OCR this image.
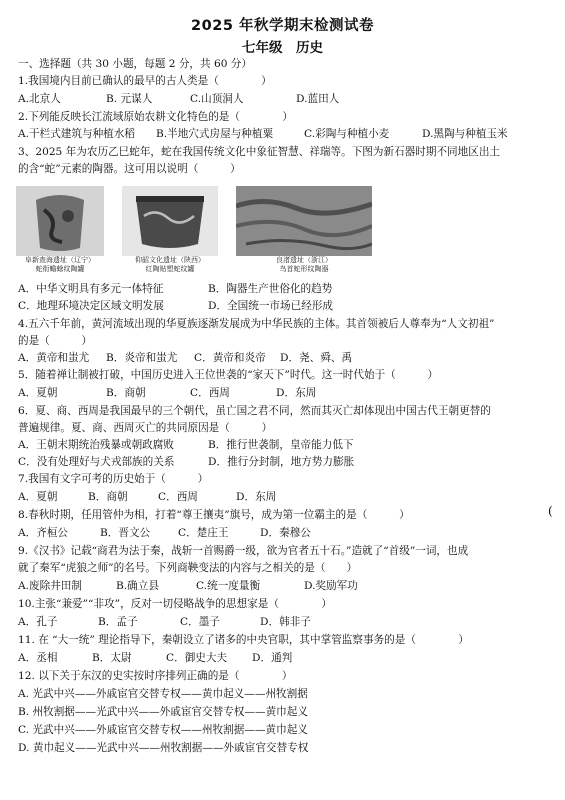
2025 年秋学期末检测试卷
七年级　历史
一、选择题（共 30 小题，每题 2 分，共 60 分）
1.我国境内目前已确认的最早的古人类是（　　　　）
A.北京人	B. 元谋人	C.山顶洞人	D.蓝田人
2.下列能反映长江流域原始农耕文化特色的是（　　　　）
A.干栏式建筑与种植水稻 B.半地穴式房屋与种植粟	C.彩陶与种植小麦	D.黑陶与种植玉米
3、2025 年为农历乙巳蛇年，蛇在我国传统文化中象征智慧、祥瑞等。下图为新石器时期不同地区出土
的含“蛇”元素的陶器。这可用以说明（　　　）
阜新查海遗址（辽宁）
蛇衔蟾蜍纹陶罐
仰韶文化遗址（陕西）
红陶贴塑蛇纹罐
良渚遗址（浙江）
鸟首蛇形纹陶器
A．中华文明具有多元一体特征	B．陶器生产世俗化的趋势
C．地理环境决定区域文明发展	D．全国统一市场已经形成
4.五六千年前，黄河流域出现的华夏族逐渐发展成为中华民族的主体。其首领被后人尊奉为“人文初祖”
的是（　　　）
A．黄帝和蚩尤 B．炎帝和蚩尤 C．黄帝和炎帝 D．尧、舜、禹
5．随着禅让制被打破，中国历史进入王位世袭的“家天下”时代。这一时代始于（　　　）
A．夏朝	B．商朝	C．西周	D．东周
6．夏、商、西周是我国最早的三个朝代，虽亡国之君不同，然而其灭亡却体现出中国古代王朝更替的
普遍规律。夏、商、西周灭亡的共同原因是（　　　）
A．王朝末期统治残暴或朝政腐败	B．推行世袭制，皇帝能力低下
C．没有处理好与犬戎部族的关系	D．推行分封制，地方势力膨胀
7.我国有文字可考的历史始于（　　　）
A．夏朝	B．商朝	C．西周	D．东周
8.春秋时期，任用管仲为相，打着“尊王攘夷”旗号，成为第一位霸主的是（　　　）	(
A．齐桓公	B．晋文公	C．楚庄王	D．秦穆公
9.《汉书》记载“商君为法于秦，战斩一首赐爵一级，欲为官者五十石。”造就了“首级”一词，也成
就了秦军“虎狼之师”的名号。下列商鞅变法的内容与之相关的是（　　）
A.废除井田制	B.确立县	C.统一度量衡	D.奖励军功
10.主张“兼爱”“非攻”，反对一切侵略战争的思想家是（　　　　）
A．孔子	B．孟子	C．墨子	D．韩非子
11. 在 “大一统” 理论指导下，秦朝设立了诸多的中央官职，其中掌管监察事务的是（　　　　）
A．丞相	B．太尉	C．御史大夫 D．通判
12. 以下关于东汉的史实按时序排列正确的是（　　　　）
A. 光武中兴——外戚宦官交替专权——黄巾起义——州牧割据
B. 州牧割据——光武中兴——外戚宦官交替专权——黄巾起义
C. 光武中兴——外戚宦官交替专权——州牧割据——黄巾起义
D. 黄巾起义——光武中兴——州牧割据——外戚宦官交替专权
